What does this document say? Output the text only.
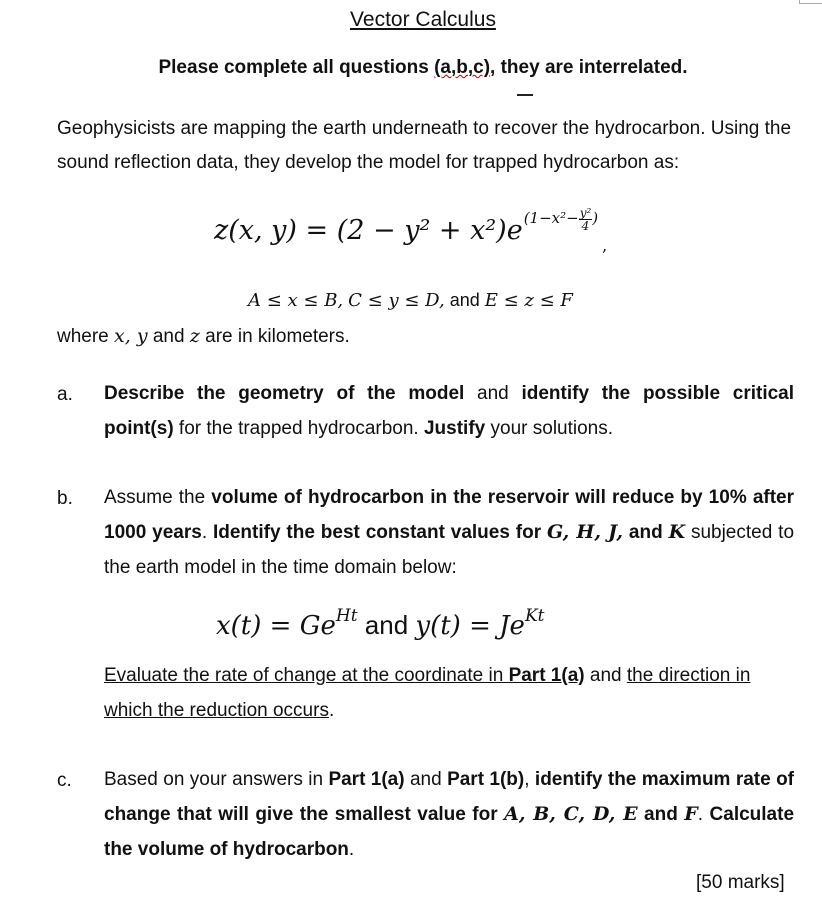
Vector Calculus
Please complete all questions (a,b,c), they are interrelated.
Geophysicists are mapping the earth underneath to recover the hydrocarbon. Using the sound reflection data, they develop the model for trapped hydrocarbon as:
z(x, $y) = (2 - y^2 + x^2)e^{(1-x^2- \frac{\text{y²}}{4} )}_,$
A ≤ x ≤ B, C ≤ y ≤ D, and E ≤ z ≤ F
where x, y and z are in kilometers.
a. Describe the geometry of the model and identify the possible critical point(s) for the trapped hydrocarbon. Justify your solutions.
b. Assume the volume of hydrocarbon in the reservoir will reduce by 10% after 1000 years. Identify the best constant values for G, H, J, and K subjected to the earth model in the time domain below:
$x(t) = Ge^{Ht}$ and $y(t) = Je^{Kt}$
Evaluate the rate of change at the coordinate in Part 1(a) and the direction in which the reduction occurs.
c. Based on your answers in Part 1(a) and Part 1(b), identify the maximum rate of change that will give the smallest value for A, B, C, D, E and F. Calculate the volume of hydrocarbon.
[50 marks]
